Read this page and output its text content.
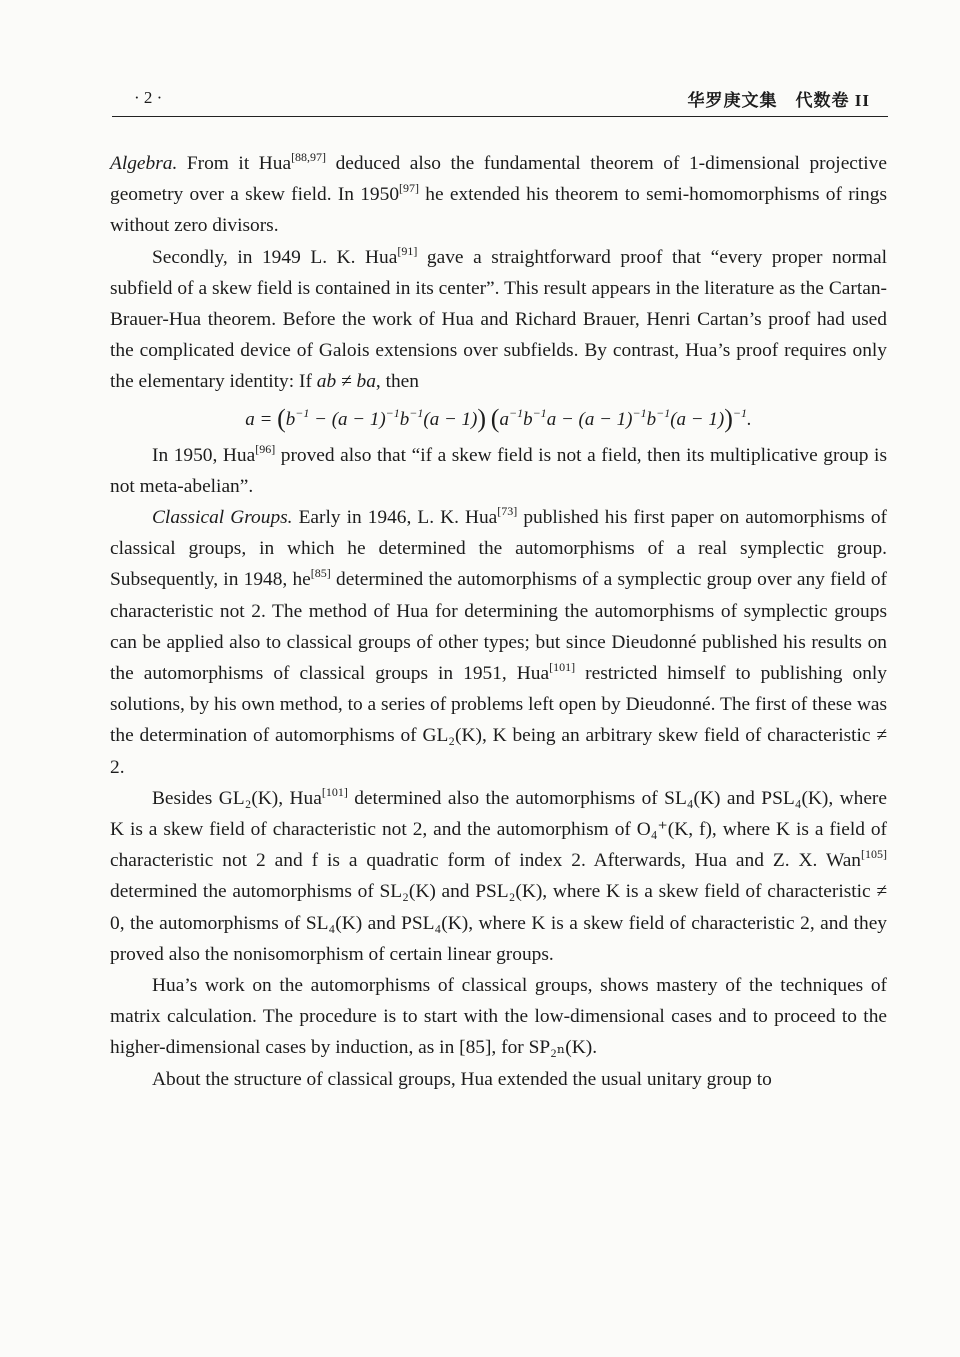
· 2 ·	华罗庚文集　代数卷 II

Algebra. From it Hua[88,97] deduced also the fundamental theorem of 1-dimensional projective geometry over a skew field. In 1950[97] he extended his theorem to semi-homomorphisms of rings without zero divisors.

Secondly, in 1949 L. K. Hua[91] gave a straightforward proof that “every proper normal subfield of a skew field is contained in its center”. This result appears in the literature as the Cartan-Brauer-Hua theorem. Before the work of Hua and Richard Brauer, Henri Cartan’s proof had used the complicated device of Galois extensions over subfields. By contrast, Hua’s proof requires only the elementary identity: If ab ≠ ba, then

$a = (b^{-1} - (a - 1)^{-1}b^{-1}(a - 1)) (a^{-1}b^{-1}a - (a - 1)^{-1}b^{-1}(a - 1))^{-1}$.

In 1950, Hua[96] proved also that “if a skew field is not a field, then its multiplicative group is not meta-abelian”.

Classical Groups. Early in 1946, L. K. Hua[73] published his first paper on automorphisms of classical groups, in which he determined the automorphisms of a real symplectic group. Subsequently, in 1948, he[85] determined the automorphisms of a symplectic group over any field of characteristic not 2. The method of Hua for determining the automorphisms of symplectic groups can be applied also to classical groups of other types; but since Dieudonné published his results on the automorphisms of classical groups in 1951, Hua[101] restricted himself to publishing only solutions, by his own method, to a series of problems left open by Dieudonné. The first of these was the determination of automorphisms of GL₂(K), K being an arbitrary skew field of characteristic ≠ 2.

Besides GL₂(K), Hua[101] determined also the automorphisms of SL₄(K) and PSL₄(K), where K is a skew field of characteristic not 2, and the automorphism of O₄⁺(K, f), where K is a field of characteristic not 2 and f is a quadratic form of index 2. Afterwards, Hua and Z. X. Wan[105] determined the automorphisms of SL₂(K) and PSL₂(K), where K is a skew field of characteristic ≠ 0, the automorphisms of SL₄(K) and PSL₄(K), where K is a skew field of characteristic 2, and they proved also the nonisomorphism of certain linear groups.

Hua’s work on the automorphisms of classical groups, shows mastery of the techniques of matrix calculation. The procedure is to start with the low-dimensional cases and to proceed to the higher-dimensional cases by induction, as in [85], for SP₂ₙ(K).

About the structure of classical groups, Hua extended the usual unitary group to
